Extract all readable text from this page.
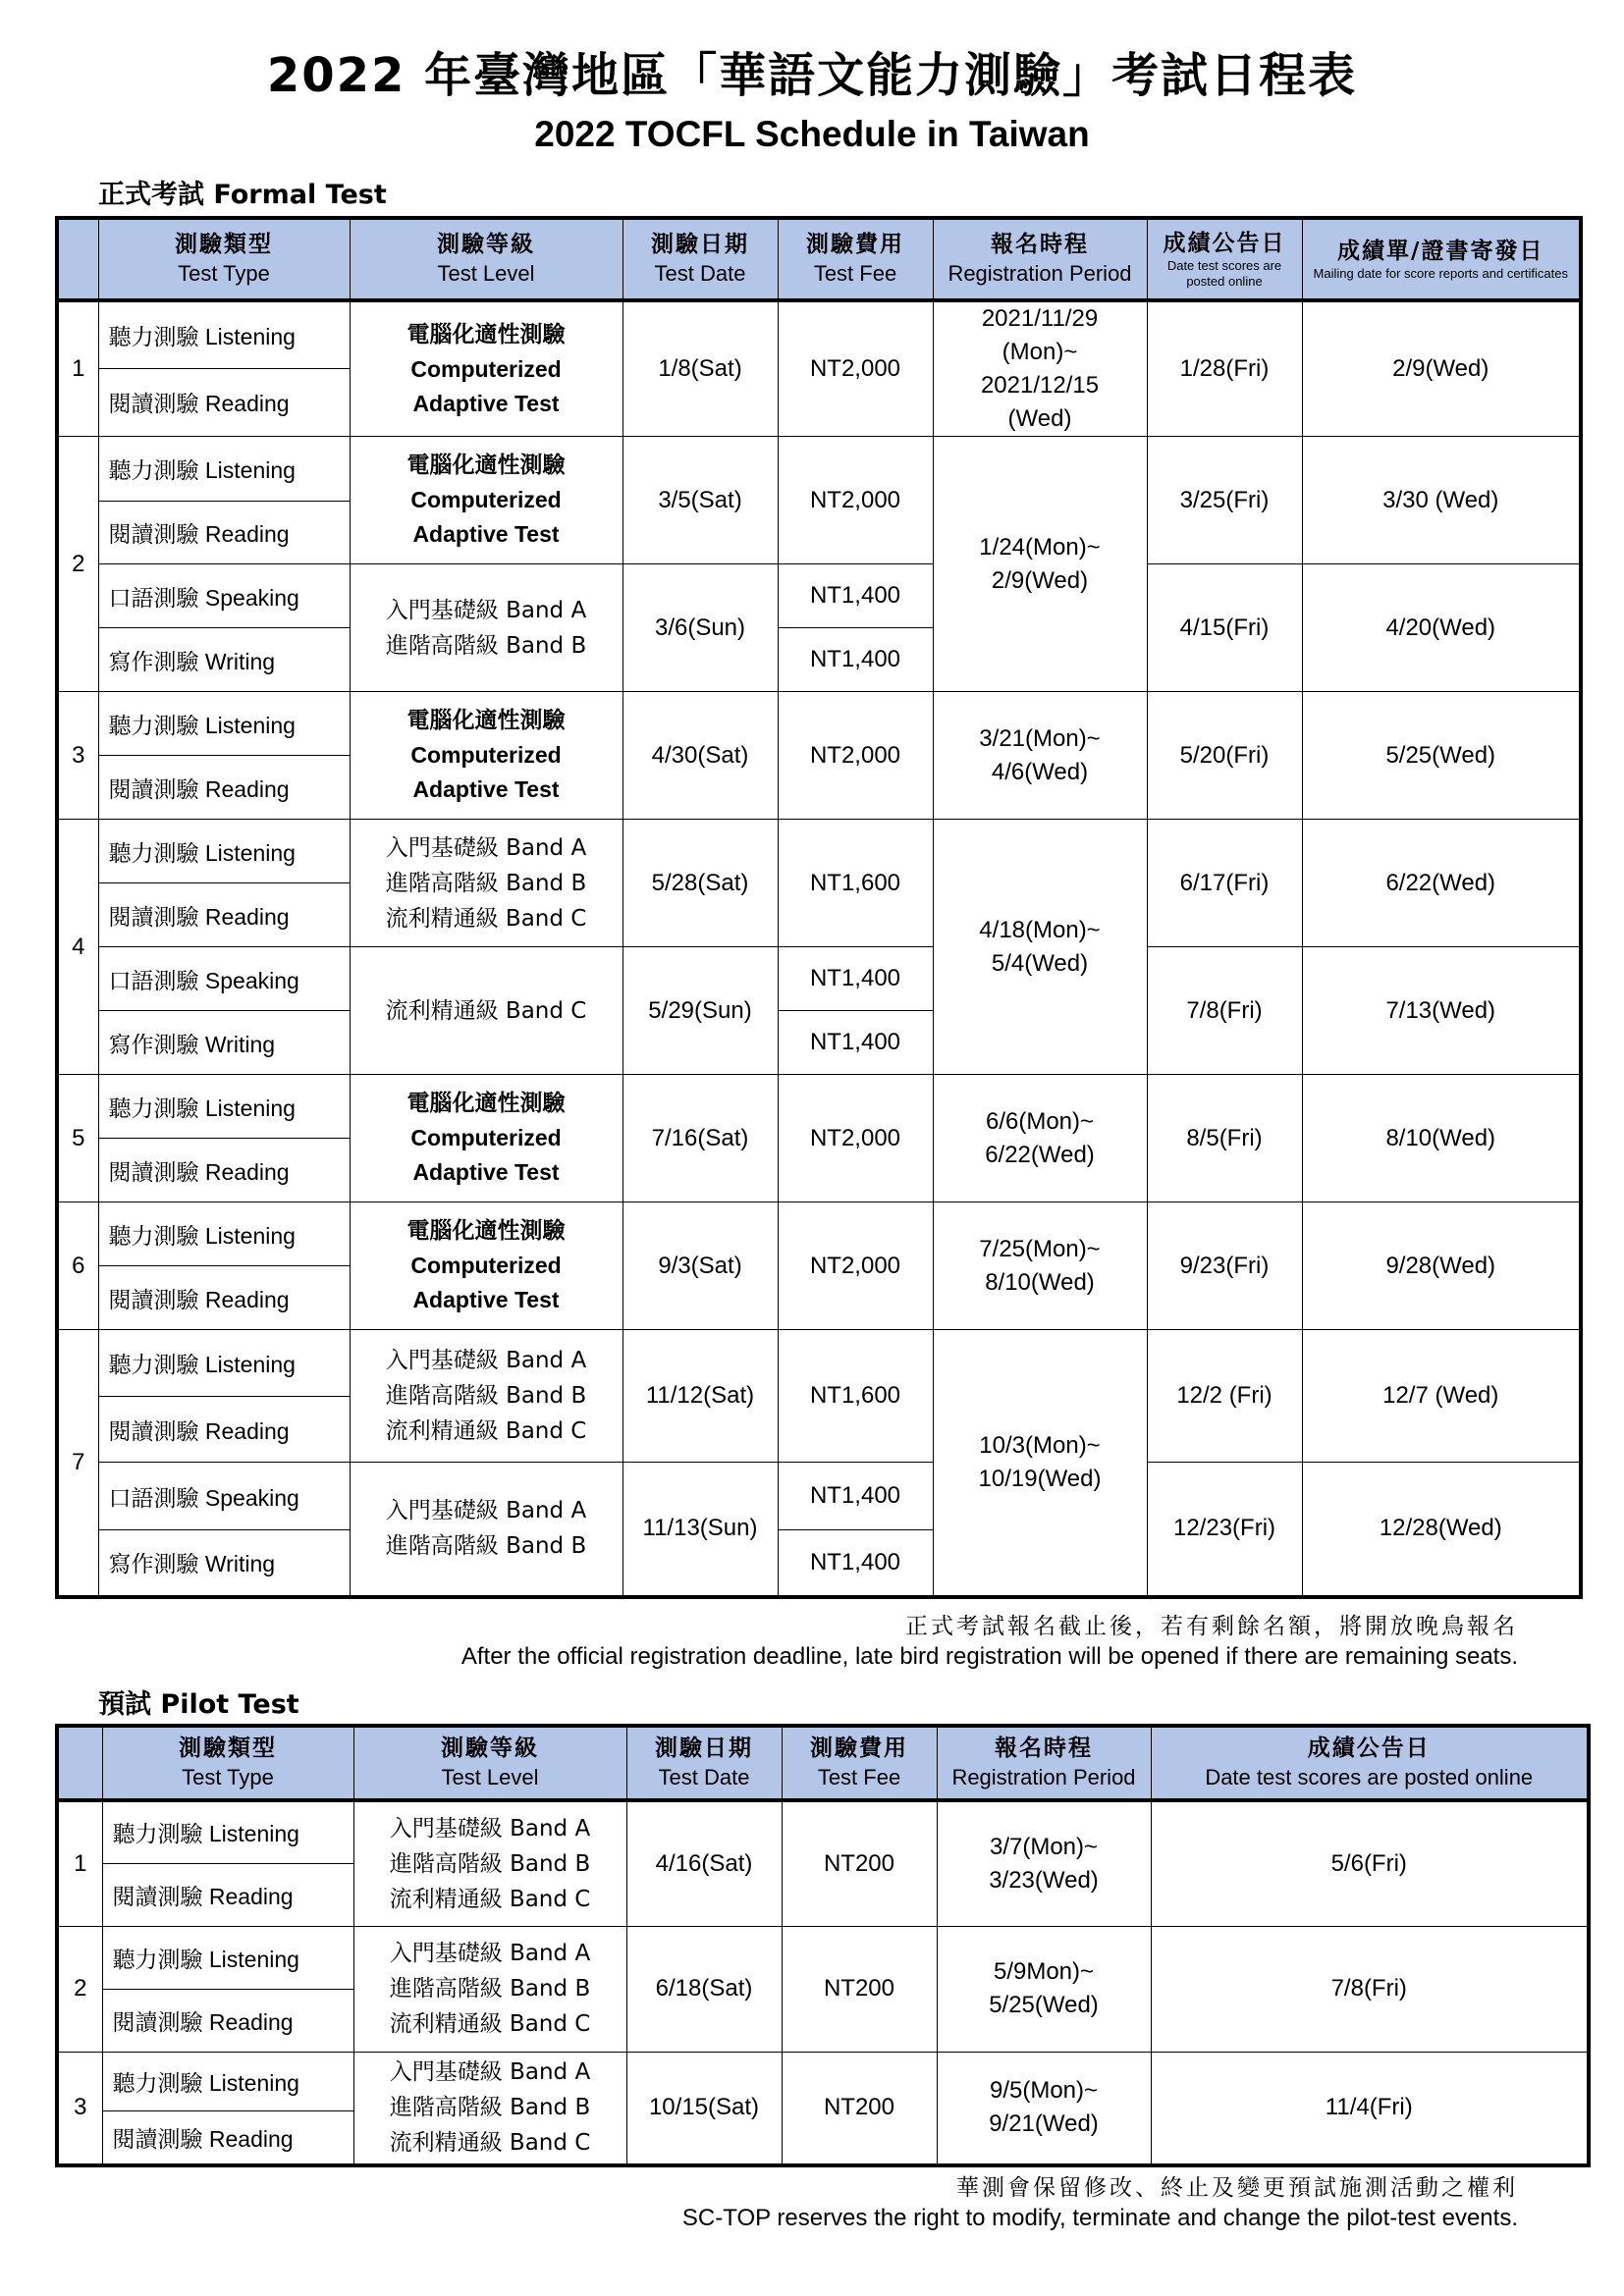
2022 年臺灣地區「華語文能力測驗」考試日程表
2022 TOCFL Schedule in Taiwan
正式考試 Formal Test

	測驗類型
Test Type	測驗等級
Test Level	測驗日期
Test Date	測驗費用
Test Fee	報名時程
Registration Period	成績公告日
Date test scores are posted online	成績單/證書寄發日
Mailing date for score reports and certificates

1	聽力測驗 Listening	電腦化適性測驗
Computerized
Adaptive Test	1/8(Sat)	NT2,000	2021/11/29
(Mon)~
2021/12/15
(Wed)	1/28(Fri)	2/9(Wed)
	閱讀測驗 Reading						
2	聽力測驗 Listening	電腦化適性測驗
Computerized
Adaptive Test	3/5(Sat)	NT2,000	1/24(Mon)~
2/9(Wed)	3/25(Fri)	3/30 (Wed)
	閱讀測驗 Reading						
	口語測驗 Speaking	入門基礎級 Band A
進階高階級 Band B	3/6(Sun)	NT1,400		4/15(Fri)	4/20(Wed)
	寫作測驗 Writing			NT1,400			
3	聽力測驗 Listening	電腦化適性測驗
Computerized
Adaptive Test	4/30(Sat)	NT2,000	3/21(Mon)~
4/6(Wed)	5/20(Fri)	5/25(Wed)
	閱讀測驗 Reading						
4	聽力測驗 Listening	入門基礎級 Band A
進階高階級 Band B
流利精通級 Band C	5/28(Sat)	NT1,600	4/18(Mon)~
5/4(Wed)	6/17(Fri)	6/22(Wed)
	閱讀測驗 Reading						
	口語測驗 Speaking	流利精通級 Band C	5/29(Sun)	NT1,400		7/8(Fri)	7/13(Wed)
	寫作測驗 Writing			NT1,400			
5	聽力測驗 Listening	電腦化適性測驗
Computerized
Adaptive Test	7/16(Sat)	NT2,000	6/6(Mon)~
6/22(Wed)	8/5(Fri)	8/10(Wed)
	閱讀測驗 Reading						
6	聽力測驗 Listening	電腦化適性測驗
Computerized
Adaptive Test	9/3(Sat)	NT2,000	7/25(Mon)~
8/10(Wed)	9/23(Fri)	9/28(Wed)
	閱讀測驗 Reading						
7	聽力測驗 Listening	入門基礎級 Band A
進階高階級 Band B
流利精通級 Band C	11/12(Sat)	NT1,600	10/3(Mon)~
10/19(Wed)	12/2 (Fri)	12/7 (Wed)
	閱讀測驗 Reading						
	口語測驗 Speaking	入門基礎級 Band A
進階高階級 Band B	11/13(Sun)	NT1,400		12/23(Fri)	12/28(Wed)
	寫作測驗 Writing			NT1,400			
正式考試報名截止後，若有剩餘名額，將開放晚鳥報名
After the official registration deadline, late bird registration will be opened if there are remaining seats.
預試 Pilot Test

	測驗類型
Test Type	測驗等級
Test Level	測驗日期
Test Date	測驗費用
Test Fee	報名時程
Registration Period	成績公告日
Date test scores are posted online

1	聽力測驗 Listening	入門基礎級 Band A
進階高階級 Band B
流利精通級 Band C	4/16(Sat)	NT200	3/7(Mon)~
3/23(Wed)	5/6(Fri)
	閱讀測驗 Reading					
2	聽力測驗 Listening	入門基礎級 Band A
進階高階級 Band B
流利精通級 Band C	6/18(Sat)	NT200	5/9Mon)~
5/25(Wed)	7/8(Fri)
	閱讀測驗 Reading					
3	聽力測驗 Listening	入門基礎級 Band A
進階高階級 Band B
流利精通級 Band C	10/15(Sat)	NT200	9/5(Mon)~
9/21(Wed)	11/4(Fri)
	閱讀測驗 Reading					
華測會保留修改、終止及變更預試施測活動之權利
SC-TOP reserves the right to modify, terminate and change the pilot-test events.
